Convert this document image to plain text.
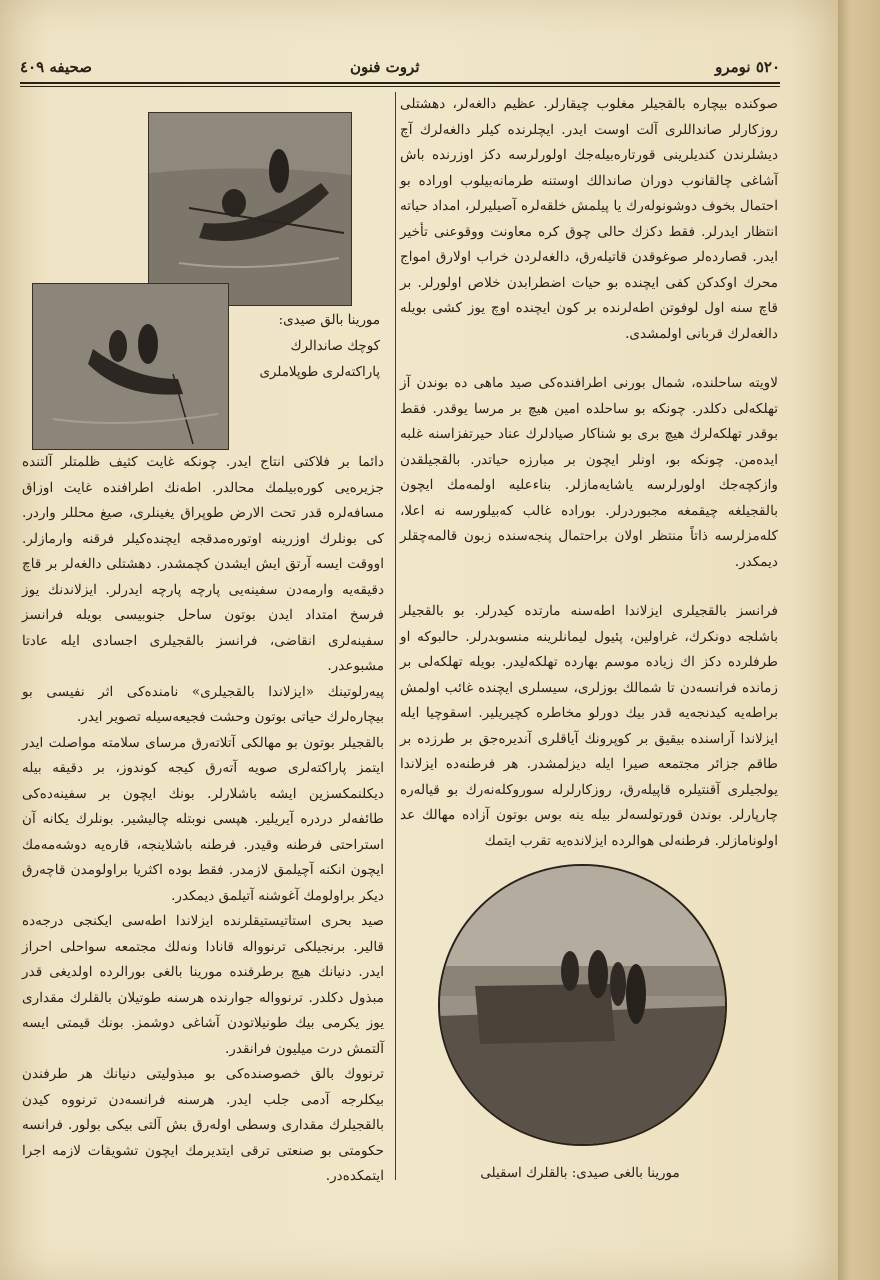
٥٢٠ نومرو
ثروت فنون
صحيفه ٤٠٩

صوكنده بيچاره بالقجيلر مغلوب چيقارلر. عظيم دالغه‌لر، دهشتلی روزكارلر صانداللری آلت اوست ايدر. ايچلرنده كيلر دالغه‌لرك آچ ديشلرندن كنديلرينی قورتاره‌بيله‌جك اولورلرسه دكز اوزرنده باش آشاغی چالقانوب دوران صاندالك اوستنه طرمانه‌بيلوب اوراده بو احتمال بخوف دوشونوله‌رك يا پيلمش خلقه‌لره آصيليرلر، امداد حياته انتظار ايدرلر. فقط دكزك حالی چوق كره معاونت ووقوعنی تأخير ايدر. قصارده‌لر صوغوقدن قاتيله‌رق، دالغه‌لردن خراب اولا‌رق امواج محرك اوكدكن كفی ايچنده بو حيات اضطرابدن خلاص اولورلر. بر قاچ سنه اول لوفوتن اطه‌لرنده بر كون ايچنده اوچ يوز كشی بويله دالغه‌لرك قربانی اولمشدی.

لاويته ساحلنده، شمال بورنی اطرافنده‌كی صيد ماهی ده بوندن آز تهلكه‌لی دكلدر. چونكه بو ساحلده امين هيچ بر مرسا يوقدر. فقط بوقدر تهلكه‌لرك هيچ بری بو شناكار صيادلرك عناد حيرتفزاسنه غلبه ايده‌من. چونكه بو، اونلر ايچون بر مبارزه حياتدر. بالقجيلقدن وازكچه‌جك اولورلرسه ياشايه‌مازلر. بناءعليه اولمه‌مك ايچون بالقجيلغه چيقمغه مجبوردرلر. بوراده غالب كه‌بيلورسه نه اعلا، كله‌مزلرسه ذاتاً منتظر اولان براحتمال پنجه‌سنده زبون قالمه‌چقلر ديمكدر.

فرانسز بالقجيلری ايزلاندا اطه‌سنه مارتده كيدرلر. بو بالقجيلر باشلجه دونكرك، غراولين، پئيول ليمانلرينه منسوبدرلر. حالبوكه او طرفلرده دكز اك زياده موسم بهارده تهلكه‌ليدر. بويله تهلكه‌لی بر زمانده فرانسه‌دن تا شمالك بوزلری، سيسلری ايچنده غائب اولمش براطه‌يه كيدنجه‌يه قدر بيك دورلو مخاطره كچيريلير. اسقوچيا ايله ايزلاندا آراسنده بيقيق بر كوپرونك آياقلری آنديره‌جق بر طرزده بر طاقم جزائر مجتمعه صيرا ايله ديزلمشدر. هر فرطنه‌ده ايزلاندا يولجيلری آقنتيلره قاپيله‌رق، روزكارلرله سوروكله‌نه‌رك بو قياله‌ره چارپارلر. بوندن قورتولسه‌لر بيله ينه بوس بوتون آزاده مهالك عد اولونامازلر. فرطنه‌لی هوالرده ايزلانده‌يه تقرب ايتمك

مورينا بالق صيدی:
كوچك صاندالرك
پاراكته‌لری طوپلاملری

دائما بر فلاكتی انتاج ايدر. چونكه غايت كثيف ظلمتلر آلتنده جزيره‌يی كوره‌بيلمك محالدر. اطه‌نك اطرافنده غايت اوزاق مسافه‌لره قدر تحت الارض طوپراق يغينلری، صيغ محللر واردر. كی بونلرك اوزرينه اوتوره‌مدقجه ايچنده‌كيلر فرقنه وارمازلر. اووقت ايسه آرتق ايش ايشدن كچمشدر. دهشتلی دالغه‌لر بر قاچ دقيقه‌يه وارمه‌دن سفينه‌يی پارچه پارچه ايدرلر. ايزلاندنك يوز فرسخ امتداد ايدن بوتون ساحل جنوبيسی بويله فرانسز سفينه‌لری انقاضی، فرانسز بالقجيلری اجسادی ايله عادتا مشبوعدر.

پيه‌رلوتينك «ايزلاندا بالقجيلری» نامنده‌كی اثر نفيسی بو بيچاره‌لرك حياتی بوتون وحشت فجيعه‌سيله تصوير ايدر.

بالقجيلر بوتون بو مهالكی آتلاته‌رق مرسای سلامته مواصلت ايدر ايتمز پاراكته‌لری صويه آته‌رق كيجه كوندوز، بر دقيقه بيله ديكلنمكسزين ايشه باشلارلر. بونك ايچون بر سفينه‌ده‌كی طائفه‌لر دردره آيريلير. هپسی نوبتله چاليشير. بونلرك يكانه آن استراحتی فرطنه وقيدر. فرطنه باشلاينجه، قاره‌يه دوشه‌مه‌مك ايچون انكنه آچيلمق لازمدر. فقط بوده اكثريا براولومدن قاچه‌رق ديكر براولومك آغوشنه آتيلمق ديمكدر.

صيد بحری استاتيستيقلرنده ايزلاندا اطه‌سی ايكنجی درجه‌ده قالير. برنجيلكی ترنوواله قانادا ونه‌لك مجتمعه سواحلی احراز ايدر. دنيانك هيچ برطرفنده مورينا بالغی بورالرده اولديغی قدر مبذول دكلدر. ترنوواله جوارنده هرسنه طوتيلان بالقلرك مقداری يوز يكرمی بيك طونيلاتودن آشاغی دوشمز. بونك قيمتی ايسه آلتمش درت ميليون فرانقدر.

ترنووك بالق خصوصنده‌كی بو مبذوليتی دنيانك هر طرفندن بيكلرجه آدمی جلب ايدر. هرسنه فرانسه‌دن ترنووه كيدن بالقجيلرك مقداری وسطی اوله‌رق بش آلتی بيكی بولور. فرانسه حكومتی بو صنعتی ترقی ايتديرمك ايچون تشويقات لازمه اجرا ايتمكده‌در.	مورينا بالغی صيدی: بالقلرك اسقيلی
